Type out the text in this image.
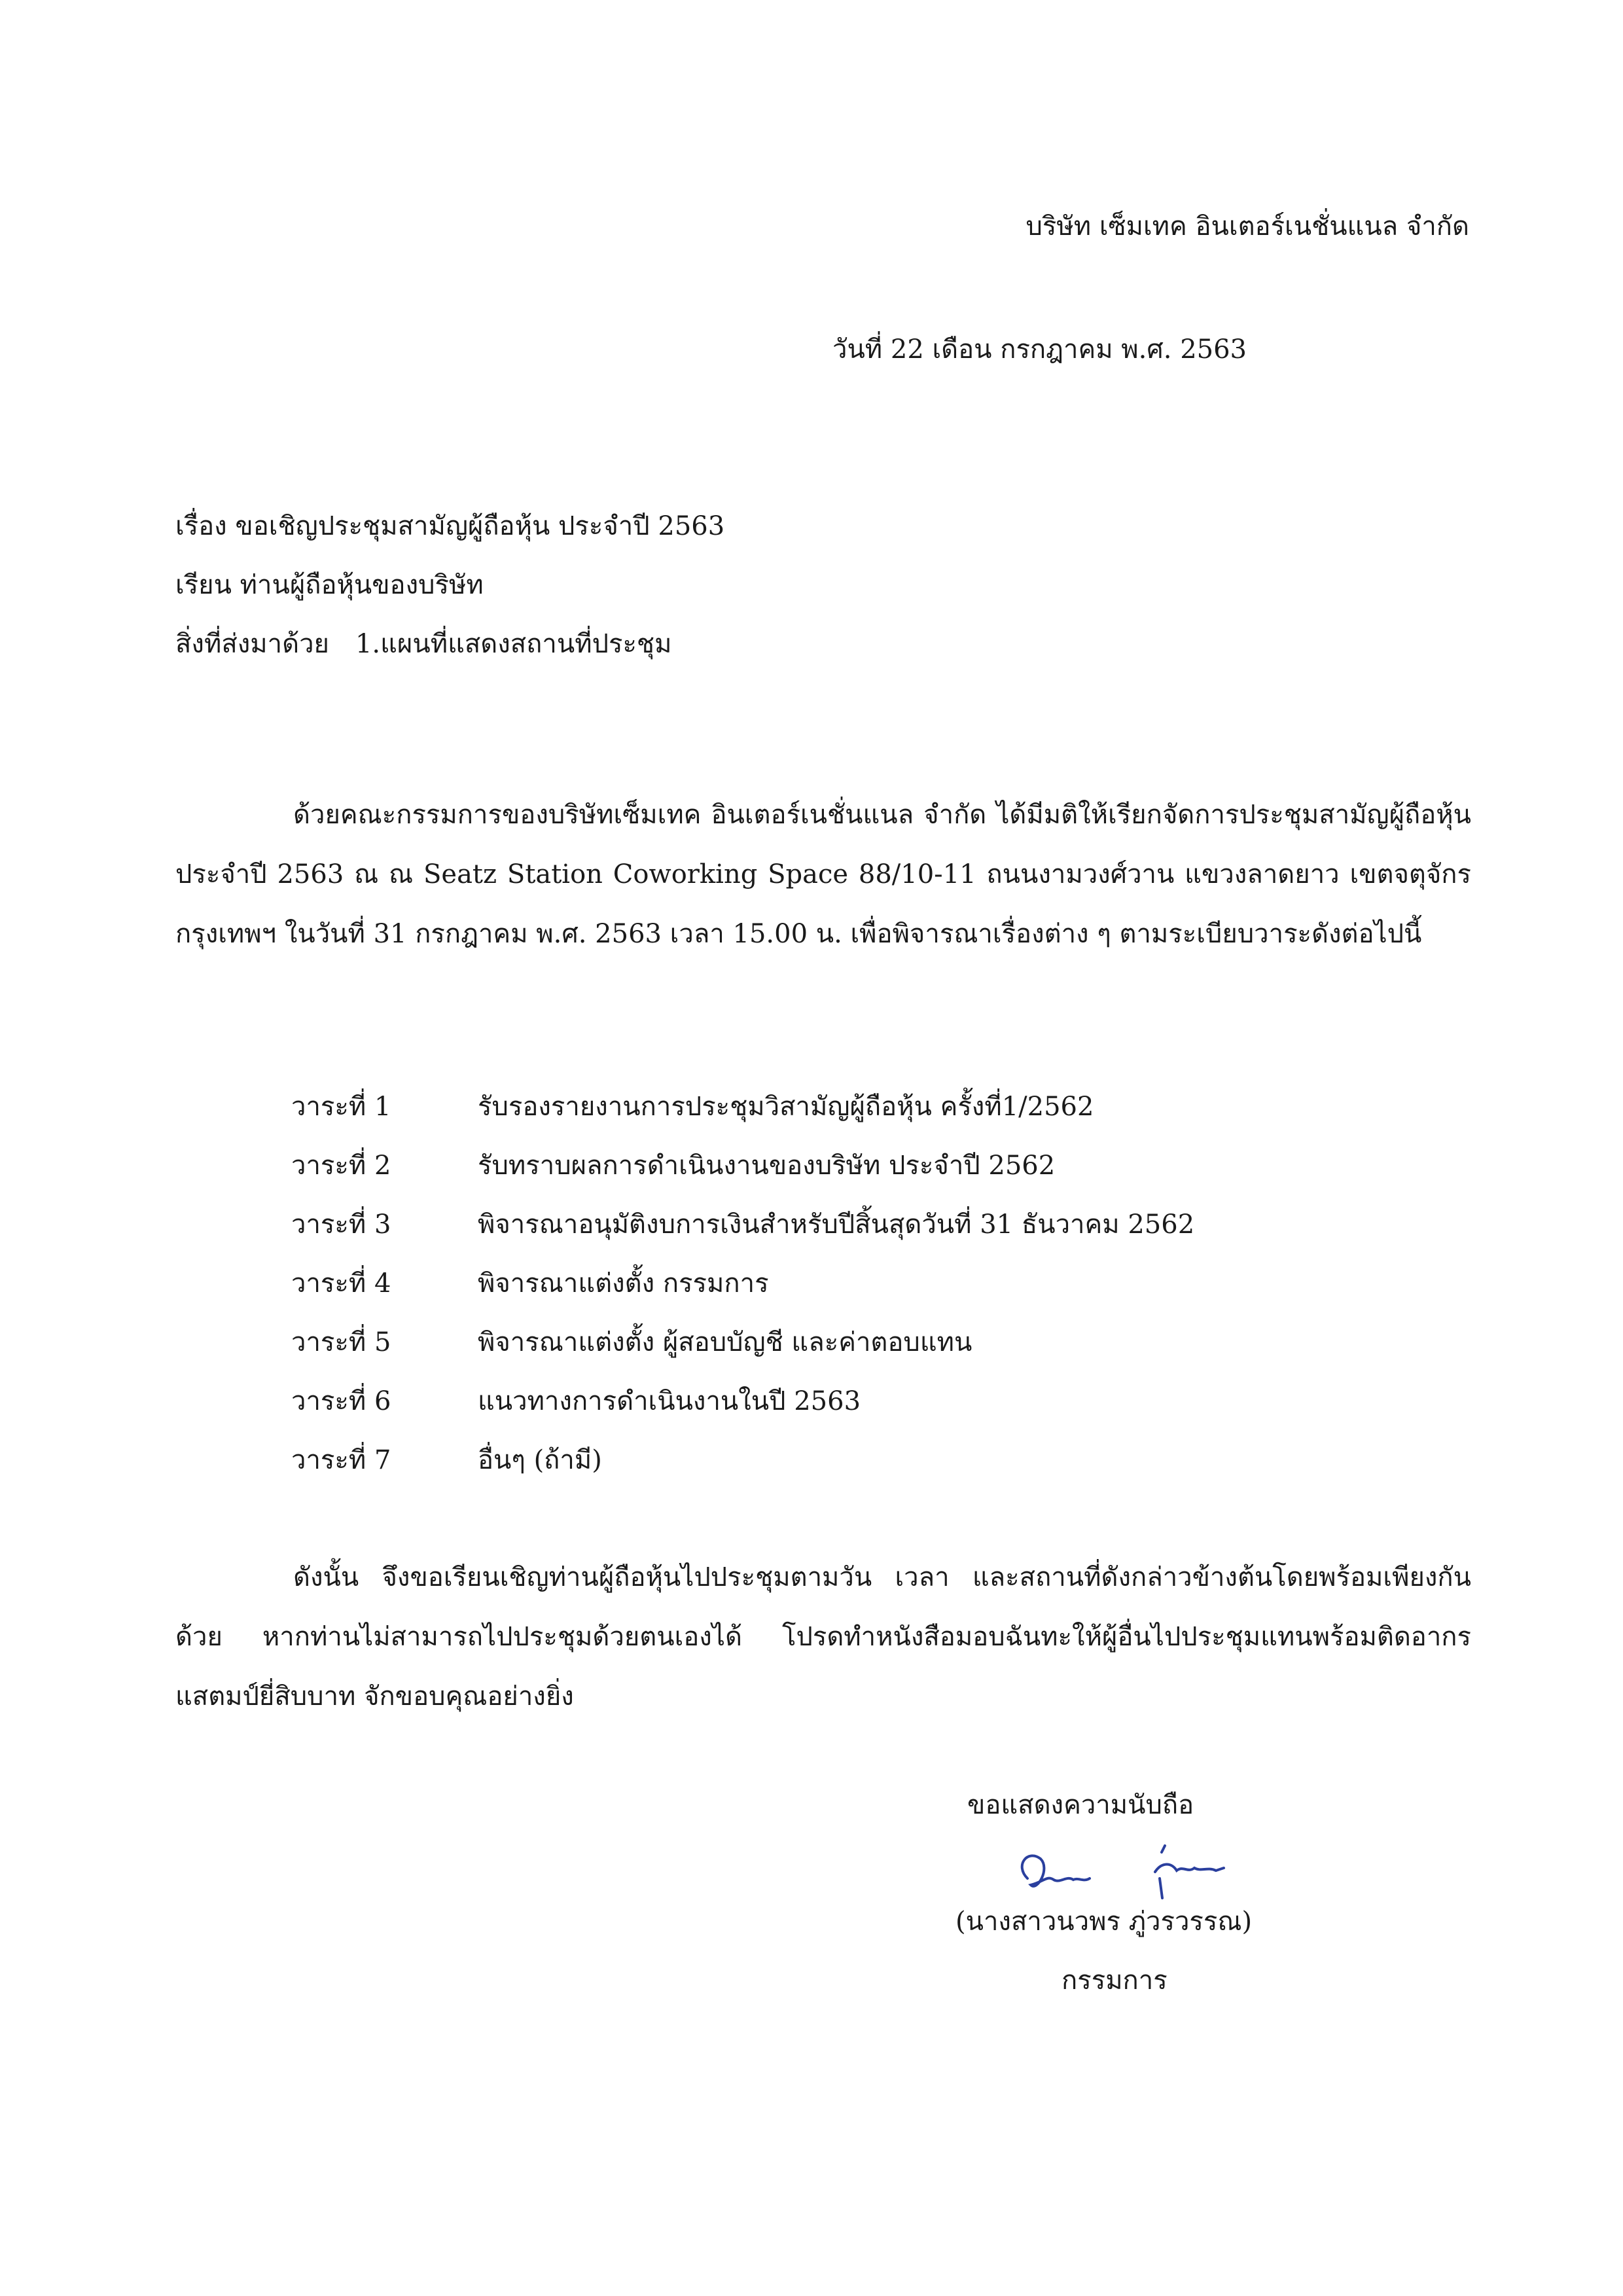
บริษัท เซ็มเทค อินเตอร์เนชั่นแนล จำกัด
วันที่ 22 เดือน กรกฎาคม พ.ศ. 2563
เรื่อง ขอเชิญประชุมสามัญผู้ถือหุ้น ประจำปี 2563
เรียน ท่านผู้ถือหุ้นของบริษัท
สิ่งที่ส่งมาด้วย 1.แผนที่แสดงสถานที่ประชุม
ด้วยคณะกรรมการของบริษัทเซ็มเทค อินเตอร์เนชั่นแนล จำกัด ได้มีมติให้เรียกจัดการประชุมสามัญผู้ถือหุ้น ประจำปี 2563 ณ ณ Seatz Station Coworking Space 88/10-11 ถนนงามวงศ์วาน แขวงลาดยาว เขตจตุจักร กรุงเทพฯ ในวันที่ 31 กรกฎาคม พ.ศ. 2563 เวลา 15.00 น. เพื่อพิจารณาเรื่องต่าง ๆ ตามระเบียบวาระดังต่อไปนี้
วาระที่ 1	รับรองรายงานการประชุมวิสามัญผู้ถือหุ้น ครั้งที่1/2562
วาระที่ 2	รับทราบผลการดำเนินงานของบริษัท ประจำปี 2562
วาระที่ 3	พิจารณาอนุมัติงบการเงินสำหรับปีสิ้นสุดวันที่ 31 ธันวาคม 2562
วาระที่ 4	พิจารณาแต่งตั้ง กรรมการ
วาระที่ 5	พิจารณาแต่งตั้ง ผู้สอบบัญชี และค่าตอบแทน
วาระที่ 6	แนวทางการดำเนินงานในปี 2563
วาระที่ 7	อื่นๆ (ถ้ามี)
ดังนั้น จึงขอเรียนเชิญท่านผู้ถือหุ้นไปประชุมตามวัน เวลา และสถานที่ดังกล่าวข้างต้นโดยพร้อมเพียงกันด้วย หากท่านไม่สามารถไปประชุมด้วยตนเองได้ โปรดทำหนังสือมอบฉันทะให้ผู้อื่นไปประชุมแทนพร้อมติดอากรแสตมป์ยี่สิบบาท จักขอบคุณอย่างยิ่ง
ขอแสดงความนับถือ
(นางสาวนวพร ภู่วรวรรณ)
กรรมการ
